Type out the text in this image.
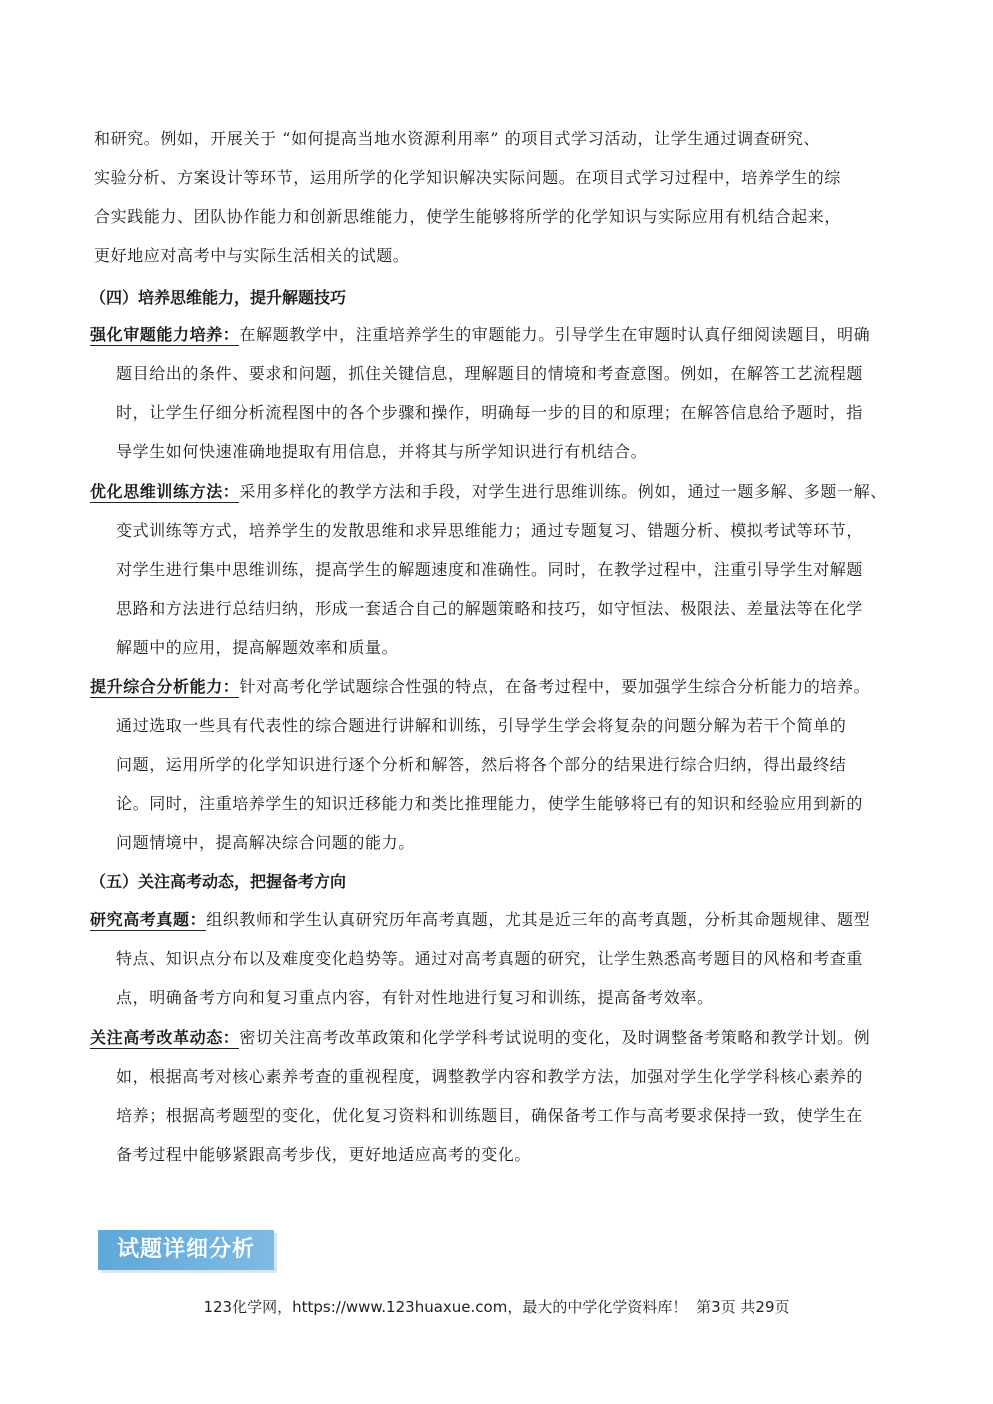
和研究。例如，开展关于 “如何提高当地水资源利用率” 的项目式学习活动，让学生通过调查研究、
实验分析、方案设计等环节，运用所学的化学知识解决实际问题。在项目式学习过程中，培养学生的综
合实践能力、团队协作能力和创新思维能力，使学生能够将所学的化学知识与实际应用有机结合起来，
更好地应对高考中与实际生活相关的试题。
（四）培养思维能力，提升解题技巧
强化审题能力培养：在解题教学中，注重培养学生的审题能力。引导学生在审题时认真仔细阅读题目，明确
题目给出的条件、要求和问题，抓住关键信息，理解题目的情境和考查意图。例如，在解答工艺流程题
时，让学生仔细分析流程图中的各个步骤和操作，明确每一步的目的和原理；在解答信息给予题时，指
导学生如何快速准确地提取有用信息，并将其与所学知识进行有机结合。
优化思维训练方法：采用多样化的教学方法和手段，对学生进行思维训练。例如，通过一题多解、多题一解、
变式训练等方式，培养学生的发散思维和求异思维能力；通过专题复习、错题分析、模拟考试等环节，
对学生进行集中思维训练，提高学生的解题速度和准确性。同时，在教学过程中，注重引导学生对解题
思路和方法进行总结归纳，形成一套适合自己的解题策略和技巧，如守恒法、极限法、差量法等在化学
解题中的应用，提高解题效率和质量。
提升综合分析能力：针对高考化学试题综合性强的特点，在备考过程中，要加强学生综合分析能力的培养。
通过选取一些具有代表性的综合题进行讲解和训练，引导学生学会将复杂的问题分解为若干个简单的
问题，运用所学的化学知识进行逐个分析和解答，然后将各个部分的结果进行综合归纳，得出最终结
论。同时，注重培养学生的知识迁移能力和类比推理能力，使学生能够将已有的知识和经验应用到新的
问题情境中，提高解决综合问题的能力。
（五）关注高考动态，把握备考方向
研究高考真题：组织教师和学生认真研究历年高考真题，尤其是近三年的高考真题，分析其命题规律、题型
特点、知识点分布以及难度变化趋势等。通过对高考真题的研究，让学生熟悉高考题目的风格和考查重
点，明确备考方向和复习重点内容，有针对性地进行复习和训练，提高备考效率。
关注高考改革动态：密切关注高考改革政策和化学学科考试说明的变化，及时调整备考策略和教学计划。例
如，根据高考对核心素养考查的重视程度，调整教学内容和教学方法，加强对学生化学学科核心素养的
培养；根据高考题型的变化，优化复习资料和训练题目，确保备考工作与高考要求保持一致，使学生在
备考过程中能够紧跟高考步伐，更好地适应高考的变化。
试题详细分析
123化学网，https://www.123huaxue.com，最大的中学化学资料库！ 第3页 共29页
